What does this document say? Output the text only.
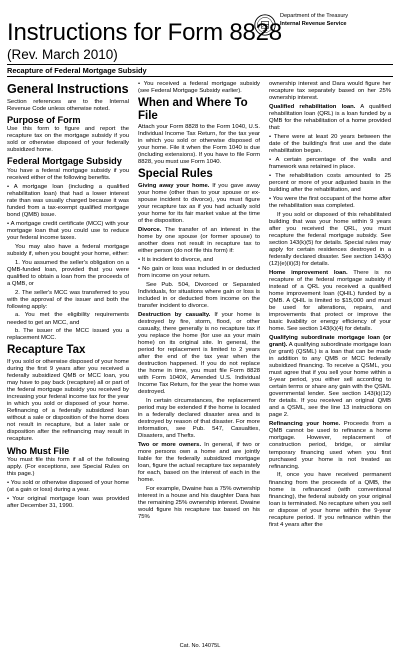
Department of the Treasury
Internal Revenue Service
Instructions for Form 8828
(Rev. March 2010)
Recapture of Federal Mortgage Subsidy
General Instructions

Section references are to the Internal Revenue Code unless otherwise noted.

Purpose of Form

Use this form to figure and report the recapture tax on the mortgage subsidy if you sold or otherwise disposed of your federally subsidized home.

Federal Mortgage Subsidy

You have a federal mortgage subsidy if you received either of the following benefits.

• A mortgage loan (including a qualified rehabilitation loan) that had a lower interest rate than was usually charged because it was funded from a tax-exempt qualified mortgage bond (QMB) issue.

• A mortgage credit certificate (MCC) with your mortgage loan that you could use to reduce your federal income taxes.

You may also have a federal mortgage subsidy if, when you bought your home, either:

1. You assumed the seller's obligation on a QMB-funded loan, provided that you were qualified to obtain a loan from the proceeds of a QMB, or

2. The seller's MCC was transferred to you with the approval of the issuer and both the following apply:

a. You met the eligibility requirements needed to get an MCC, and

b. The issuer of the MCC issued you a replacement MCC.

Recapture Tax

If you sold or otherwise disposed of your home during the first 9 years after you received a federally subsidized QMB or MCC loan, you may have to pay back (recapture) all or part of the federal mortgage subsidy you received by increasing your federal income tax for the year in which you sold or disposed of your home. Refinancing of a federally subsidized loan without a sale or disposition of the home does not result in recapture, but a later sale or disposition after the refinancing may result in recapture.

Who Must File

You must file this form if all of the following apply. (For exceptions, see Special Rules on this page.)

• You sold or otherwise disposed of your home (at a gain or loss) during a year.

• Your original mortgage loan was provided after December 31, 1990.

• You received a federal mortgage subsidy (see Federal Mortgage Subsidy earlier).

When and Where To File

Attach your Form 8828 to the Form 1040, U.S. Individual Income Tax Return, for the tax year in which you sold or otherwise disposed of your home. File it when the Form 1040 is due (including extensions). If you have to file Form 8828, you must use Form 1040.

Special Rules

Giving away your home. If you gave away your home (other than to your spouse or ex-spouse incident to divorce), you must figure your recapture tax as if you had actually sold your home for its fair market value at the time of the disposition.

Divorce. The transfer of an interest in the home by one spouse (or former spouse) to another does not result in recapture tax to either person (do not file this form) if:

• It is incident to divorce, and

• No gain or loss was included in or deducted from income on your return.

See Pub. 504, Divorced or Separated Individuals, for situations where gain or loss is included in or deducted from income on the transfer incident to divorce.

Destruction by casualty. If your home is destroyed by fire, storm, flood, or other casualty, there generally is no recapture tax if you replace the home (for use as your main home) on its original site. In general, the period for replacement is limited to 2 years after the end of the tax year when the destruction happened. If you do not replace the home in time, you must file Form 8828 with Form 1040X, Amended U.S. Individual Income Tax Return, for the year the home was destroyed.

In certain circumstances, the replacement period may be extended if the home is located in a federally declared disaster area and is destroyed by reason of that disaster. For more information, see Pub. 547, Casualties, Disasters, and Thefts.

Two or more owners. In general, if two or more persons own a home and are jointly liable for the federally subsidized mortgage loan, figure the actual recapture tax separately for each, based on the interest of each in the home.

For example, Dwaine has a 75% ownership interest in a house and his daughter Dara has the remaining 25% ownership interest. Dwaine would figure his recapture tax based on his 75%

ownership interest and Dara would figure her recapture tax separately based on her 25% ownership interest.

Qualified rehabilitation loan. A qualified rehabilitation loan (QRL) is a loan funded by a QMB for the rehabilitation of a home provided that:

• There were at least 20 years between the date of the building's first use and the date rehabilitation began.

• A certain percentage of the walls and framework was retained in place.

• The rehabilitation costs amounted to 25 percent or more of your adjusted basis in the building after the rehabilitation, and

• You were the first occupant of the home after the rehabilitation was completed.

If you sold or disposed of this rehabilitated building that was your home within 9 years after you received the QRL, you must recapture the federal mortgage subsidy. See section 143(k)(5) for details. Special rules may apply for certain residences destroyed in a federally declared disaster. See section 143(k)(12)(e)(ii)(3) for details.

Home improvement loan. There is no recapture of the federal mortgage subsidy if instead of a QRL you received a qualified home improvement loan (QHIL) funded by a QMB. A QHIL is limited to $15,000 and must be used for alterations, repairs, and improvements that protect or improve the basic livability or energy efficiency of your home. See section 143(k)(4) for details.

Qualifying subordinate mortgage loan (or grant). A qualifying subordinate mortgage loan (or grant) (QSML) is a loan that can be made in addition to any QMB or MCC federally subsidized financing. To receive a QSML, you must agree that if you sell your home within a 9-year period, you either sell according to certain terms or share any gain with the QSML governmental lender. See section 143(k)(12) for details. If you received an original QMB and a QSML, see the line 13 instructions on page 2.

Refinancing your home. Proceeds from a QMB cannot be used to refinance a home mortgage. However, replacement of construction period, bridge, or similar temporary financing used when you first purchased your home is not treated as refinancing.

If, once you have received permanent financing from the proceeds of a QMB, the home is refinanced (with conventional financing), the federal subsidy on your original loan is terminated. No recapture when you sell or dispose of your home within the 9-year recapture period. If you refinance within the first 4 years after the

Cat. No. 14075L
